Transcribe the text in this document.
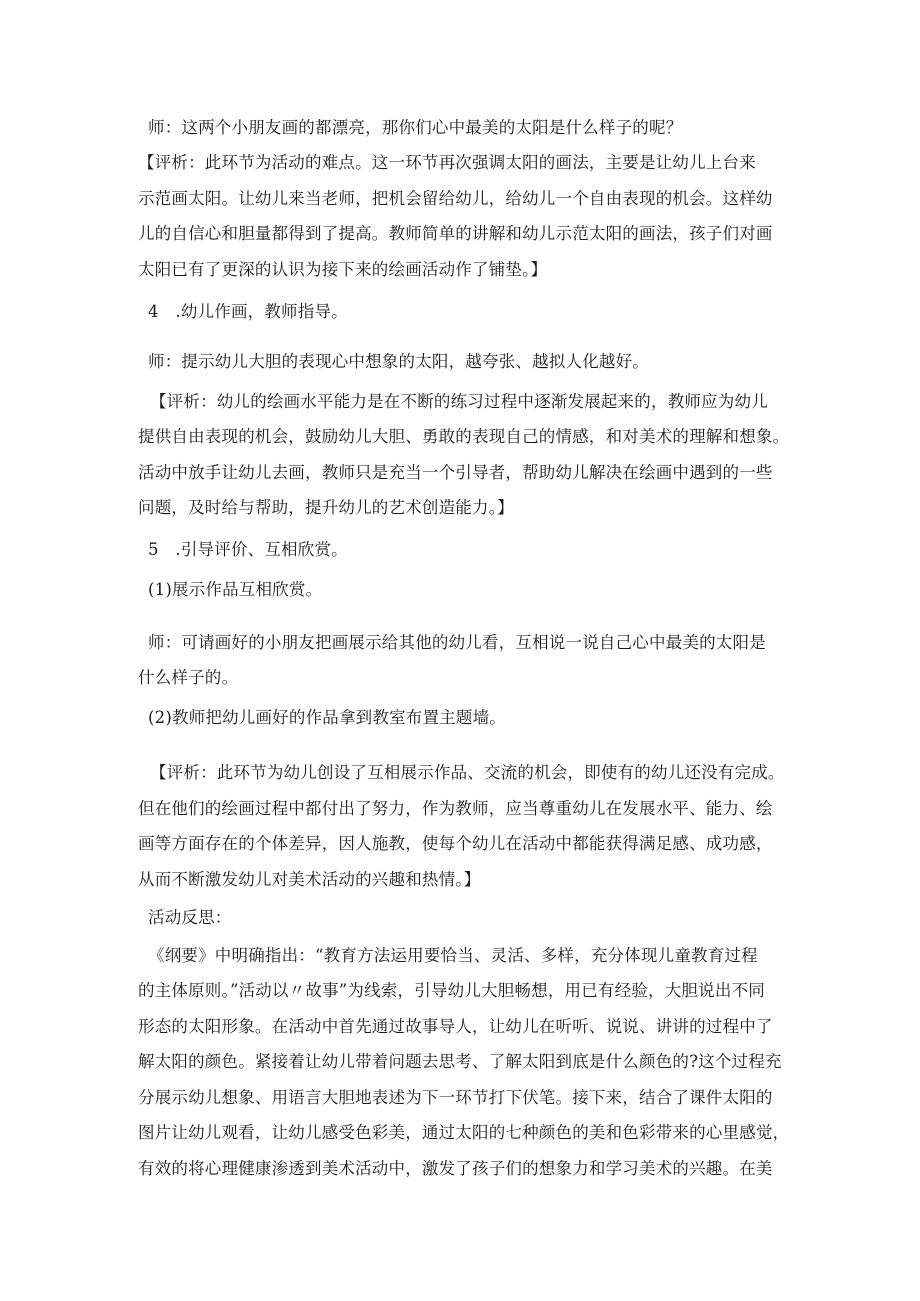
师：这两个小朋友画的都漂亮，那你们心中最美的太阳是什么样子的呢？
【评析：此环节为活动的难点。这一环节再次强调太阳的画法，主要是让幼儿上台来
示范画太阳。让幼儿来当老师，把机会留给幼儿，给幼儿一个自由表现的机会。这样幼
儿的自信心和胆量都得到了提高。教师简单的讲解和幼儿示范太阳的画法，孩子们对画
太阳已有了更深的认识为接下来的绘画活动作了铺垫。】
4　.幼儿作画，教师指导。
师：提示幼儿大胆的表现心中想象的太阳，越夸张、越拟人化越好。
【评析：幼儿的绘画水平能力是在不断的练习过程中逐渐发展起来的，教师应为幼儿
提供自由表现的机会，鼓励幼儿大胆、勇敢的表现自己的情感，和对美术的理解和想象。
活动中放手让幼儿去画，教师只是充当一个引导者，帮助幼儿解决在绘画中遇到的一些
问题，及时给与帮助，提升幼儿的艺术创造能力。】
5　.引导评价、互相欣赏。
(1)展示作品互相欣赏。
师：可请画好的小朋友把画展示给其他的幼儿看，互相说一说自己心中最美的太阳是
什么样子的。
(2)教师把幼儿画好的作品拿到教室布置主题墙。
【评析：此环节为幼儿创设了互相展示作品、交流的机会，即使有的幼儿还没有完成。
但在他们的绘画过程中都付出了努力，作为教师，应当尊重幼儿在发展水平、能力、绘
画等方面存在的个体差异，因人施教，使每个幼儿在活动中都能获得满足感、成功感，
从而不断激发幼儿对美术活动的兴趣和热情。】
活动反思：
《纲要》中明确指出：“教育方法运用要恰当、灵活、多样，充分体现儿童教育过程
的主体原则。”活动以〃故事”为线索，引导幼儿大胆畅想，用已有经验，大胆说出不同
形态的太阳形象。在活动中首先通过故事导人，让幼儿在听听、说说、讲讲的过程中了
解太阳的颜色。紧接着让幼儿带着问题去思考、了解太阳到底是什么颜色的?这个过程充
分展示幼儿想象、用语言大胆地表述为下一环节打下伏笔。接下来，结合了课件太阳的
图片让幼儿观看，让幼儿感受色彩美，通过太阳的七种颜色的美和色彩带来的心里感觉，
有效的将心理健康渗透到美术活动中，激发了孩子们的想象力和学习美术的兴趣。在美
